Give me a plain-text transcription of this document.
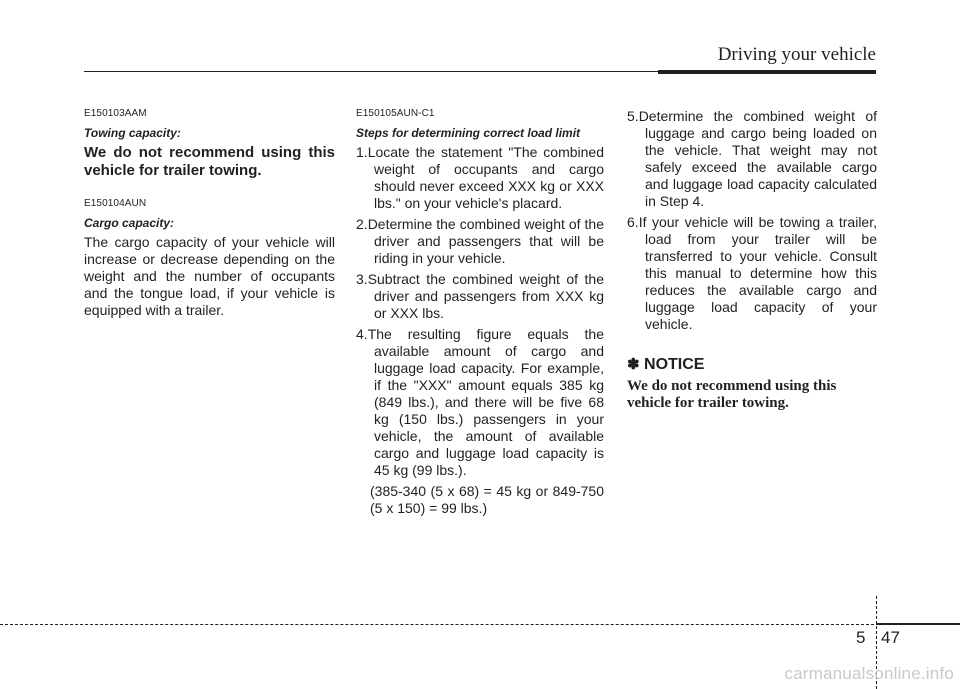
Driving your vehicle
E150103AAM
Towing capacity:

We do not recommend using this vehicle for trailer towing.

E150104AUN
Cargo capacity:

The cargo capacity of your vehicle will increase or decrease depending on the weight and the number of occupants and the tongue load, if your vehicle is equipped with a trailer.

E150105AUN-C1
Steps for determining correct load limit
1.Locate the statement "The combined weight of occupants and cargo should never exceed XXX kg or XXX lbs." on your vehicle's placard.
2.Determine the combined weight of the driver and passengers that will be riding in your vehicle.
3.Subtract the combined weight of the driver and passengers from XXX kg or XXX lbs.
4.The resulting figure equals the available amount of cargo and luggage load capacity. For example, if the "XXX" amount equals 385 kg (849 lbs.), and there will be five 68 kg (150 lbs.) passengers in your vehicle, the amount of available cargo and luggage load capacity is 45 kg (99 lbs.).

(385-340 (5 x 68) = 45 kg or 849-750 (5 x 150) = 99 lbs.)

5.Determine the combined weight of luggage and cargo being loaded on the vehicle. That weight may not safely exceed the available cargo and luggage load capacity calculated in Step 4.
6.If your vehicle will be towing a trailer, load from your trailer will be transferred to your vehicle. Consult this manual to determine how this reduces the available cargo and luggage load capacity of your vehicle.
✽ NOTICE

We do not recommend using this vehicle for trailer towing.

5 47
carmanualsonline.info
